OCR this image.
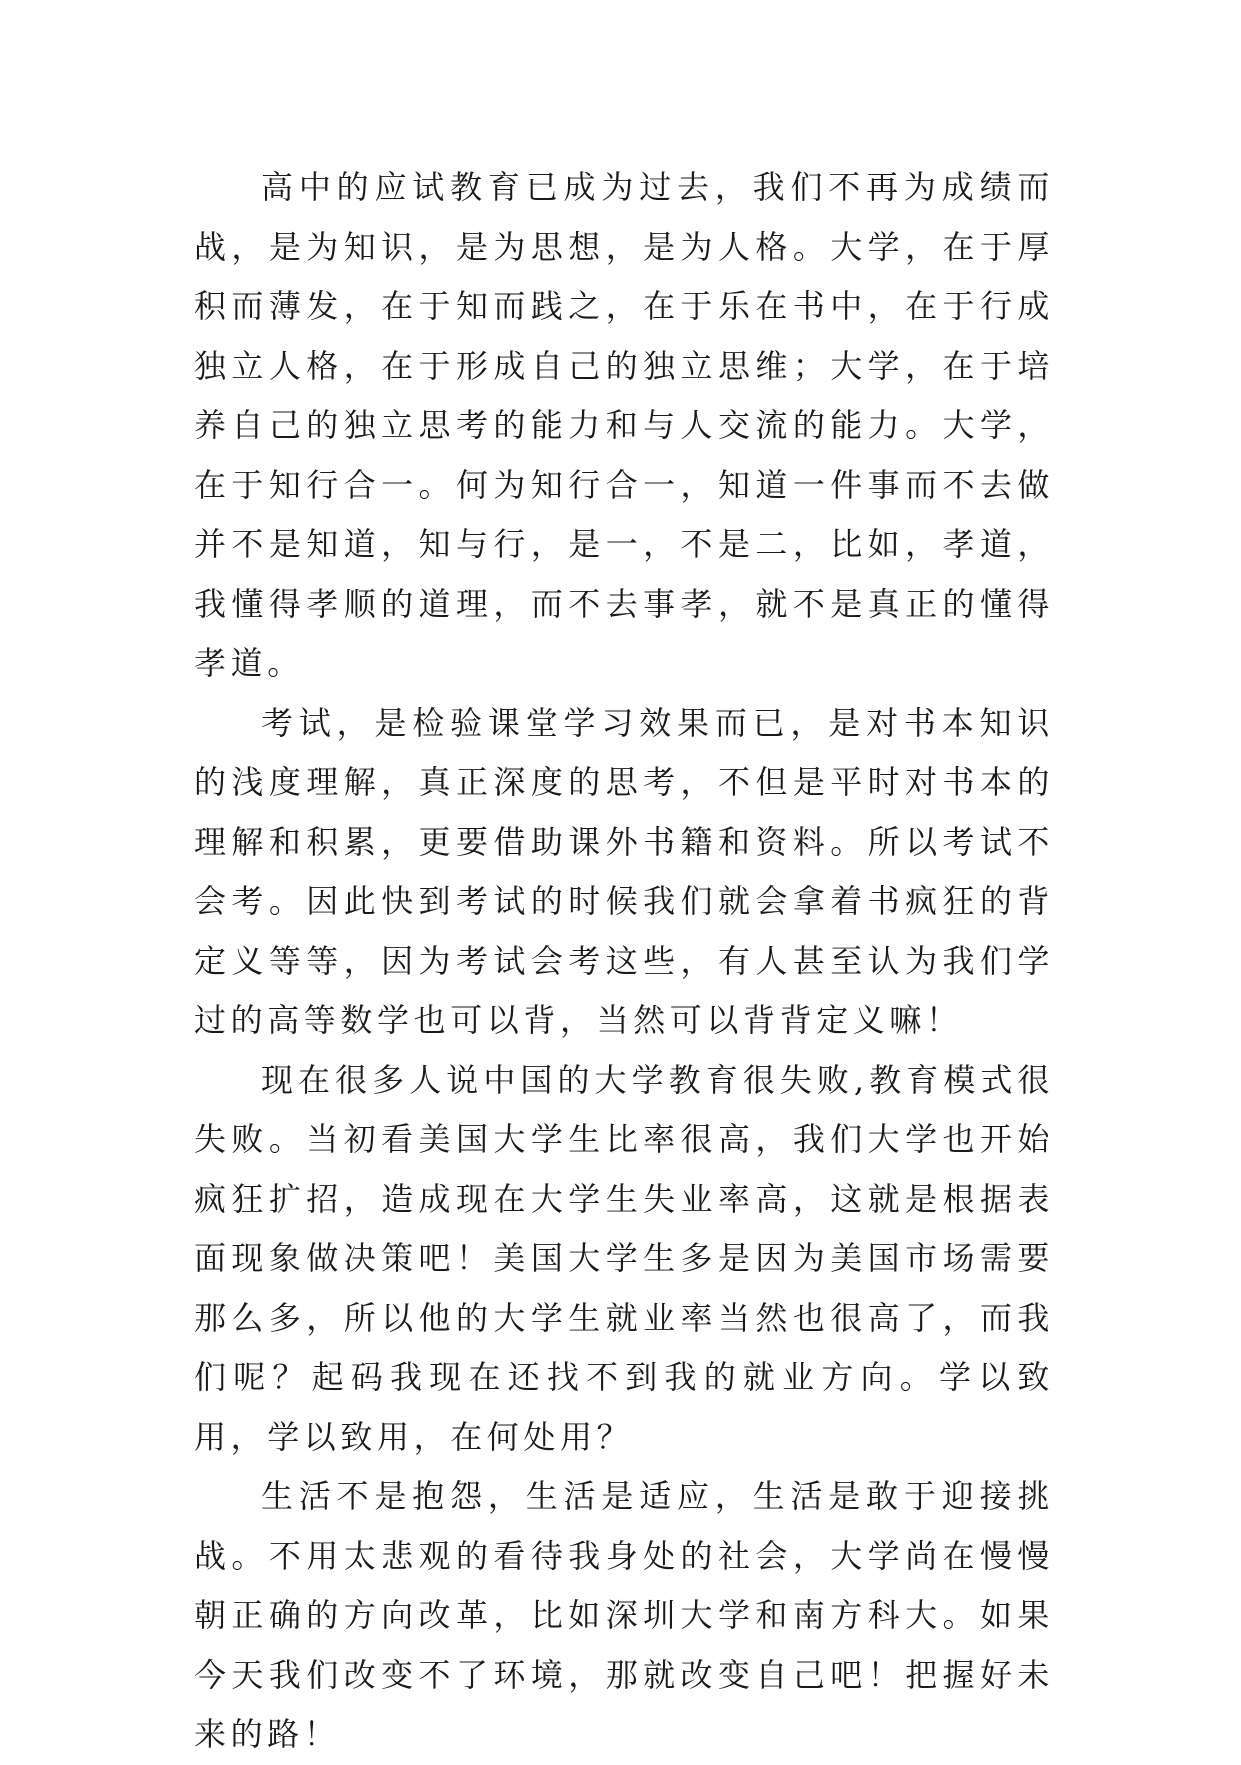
高中的应试教育已成为过去，我们不再为成绩而战，是为知识，是为思想，是为人格。大学，在于厚积而薄发，在于知而践之，在于乐在书中，在于行成独立人格，在于形成自己的独立思维；大学，在于培养自己的独立思考的能力和与人交流的能力。大学，在于知行合一。何为知行合一，知道一件事而不去做并不是知道，知与行，是一，不是二，比如，孝道，我懂得孝顺的道理，而不去事孝，就不是真正的懂得孝道。

考试，是检验课堂学习效果而已，是对书本知识的浅度理解，真正深度的思考，不但是平时对书本的理解和积累，更要借助课外书籍和资料。所以考试不会考。因此快到考试的时候我们就会拿着书疯狂的背定义等等，因为考试会考这些，有人甚至认为我们学过的高等数学也可以背，当然可以背背定义嘛！

现在很多人说中国的大学教育很失败,教育模式很失败。当初看美国大学生比率很高，我们大学也开始疯狂扩招，造成现在大学生失业率高，这就是根据表面现象做决策吧！美国大学生多是因为美国市场需要那么多，所以他的大学生就业率当然也很高了，而我们呢？起码我现在还找不到我的就业方向。学以致用，学以致用，在何处用？

生活不是抱怨，生活是适应，生活是敢于迎接挑战。不用太悲观的看待我身处的社会，大学尚在慢慢朝正确的方向改革，比如深圳大学和南方科大。如果今天我们改变不了环境，那就改变自己吧！把握好未来的路！
